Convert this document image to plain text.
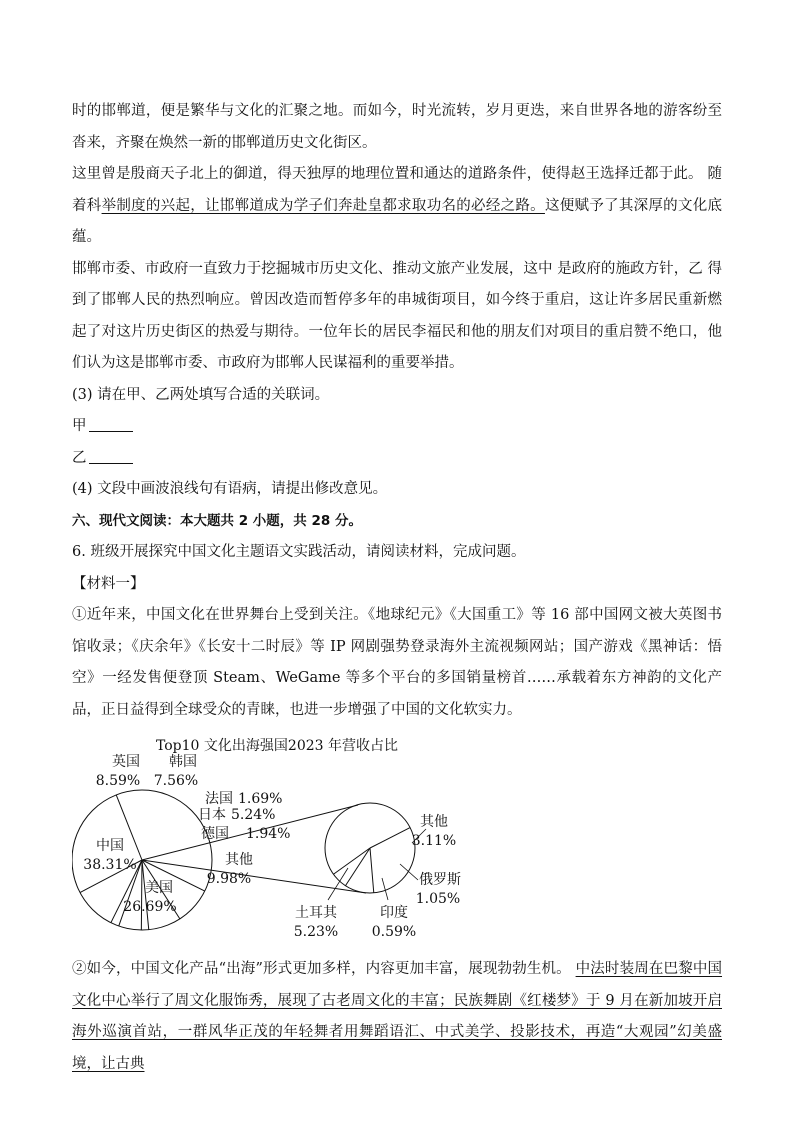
时的邯郸道，便是繁华与文化的汇聚之地。而如今，时光流转，岁月更迭，来自世界各地的游客纷至沓来，齐聚在焕然一新的邯郸道历史文化街区。

这里曾是殷商天子北上的御道，得天独厚的地理位置和通达的道路条件，使得赵王选择迁都于此。 随着科举制度的兴起，让邯郸道成为学子们奔赴皇都求取功名的必经之路。这便赋予了其深厚的文化底蕴。

邯郸市委、市政府一直致力于挖掘城市历史文化、推动文旅产业发展，这中 是政府的施政方针，乙 得到了邯郸人民的热烈响应。曾因改造而暂停多年的串城街项目，如今终于重启，这让许多居民重新燃起了对这片历史街区的热爱与期待。一位年长的居民李福民和他的朋友们对项目的重启赞不绝口，他们认为这是邯郸市委、市政府为邯郸人民谋福利的重要举措。

(3) 请在甲、乙两处填写合适的关联词。

甲

乙

(4) 文段中画波浪线句有语病，请提出修改意见。

六、现代文阅读：本大题共 2 小题，共 28 分。

6. 班级开展探究中国文化主题语文实践活动，请阅读材料，完成问题。

【材料一】

①近年来，中国文化在世界舞台上受到关注。《地球纪元》《大国重工》等 16 部中国网文被大英图书馆收录；《庆余年》《长安十二时辰》等 IP 网剧强势登录海外主流视频网站；国产游戏《黑神话：悟空》一经发售便登顶 Steam、WeGame 等多个平台的多国销量榜首……承载着东方神韵的文化产品，正日益得到全球受众的青睐，也进一步增强了中国的文化软实力。

Top10 文化出海强国2023 年营收占比
中国
38.31%
英国
8.59%
韩国
7.56%
法国 1.69%
日本 5.24%
德国 1.94%
其他
9.98%
美国
26.69%
其他
3.11%
俄罗斯
1.05%
印度
0.59%
土耳其
5.23%

②如今，中国文化产品“出海”形式更加多样，内容更加丰富，展现勃勃生机。 中法时装周在巴黎中国文化中心举行了周文化服饰秀，展现了古老周文化的丰富；民族舞剧《红楼梦》于 9 月在新加坡开启海外巡演首站，一群风华正茂的年轻舞者用舞蹈语汇、中式美学、投影技术，再造“大观园”幻美盛境，让古典
